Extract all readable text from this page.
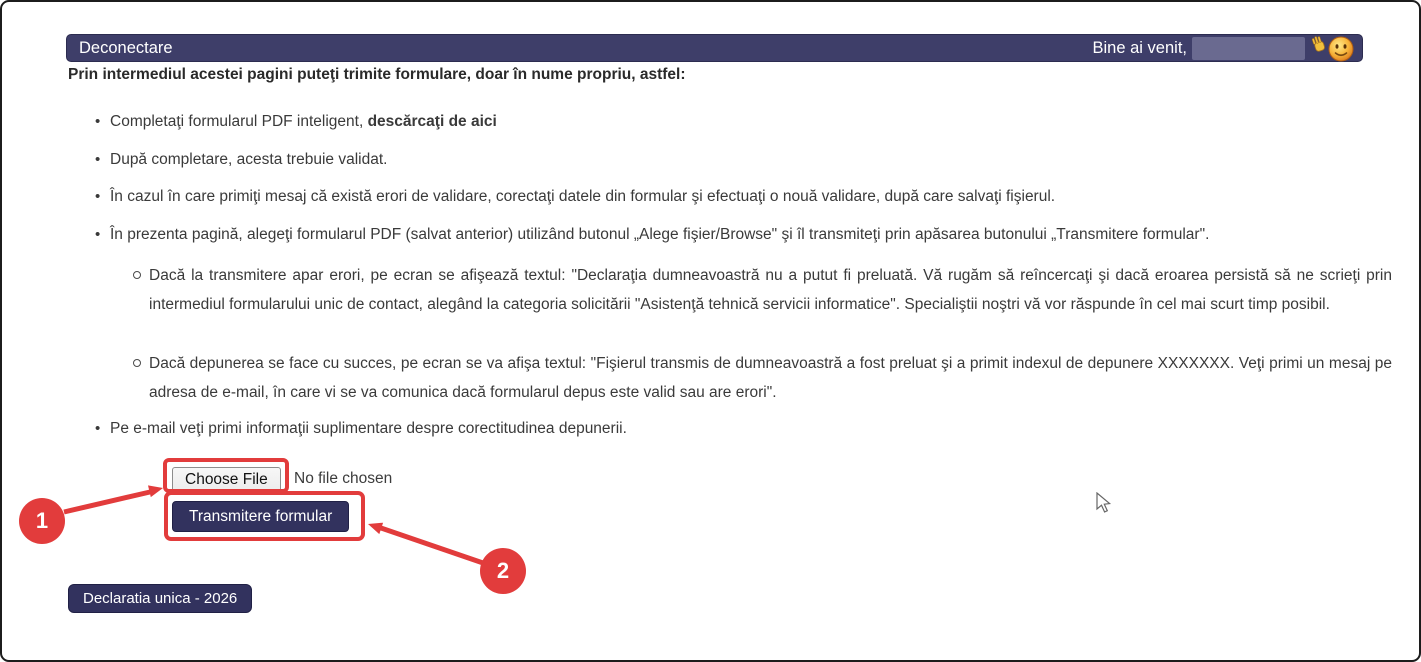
Deconectare	Bine ai venit,
Prin intermediul acestei pagini puteţi trimite formulare, doar în nume propriu, astfel:
• Completaţi formularul PDF inteligent, descărcaţi de aici
• După completare, acesta trebuie validat.
• În cazul în care primiţi mesaj că există erori de validare, corectaţi datele din formular şi efectuaţi o nouă validare, după care salvaţi fişierul.
• În prezenta pagină, alegeţi formularul PDF (salvat anterior) utilizând butonul „Alege fişier/Browse" şi îl transmiteţi prin apăsarea butonului „Transmitere formular".
Dacă la transmitere apar erori, pe ecran se afişează textul: "Declaraţia dumneavoastră nu a putut fi preluată. Vă rugăm să reîncercaţi şi dacă eroarea persistă să ne scrieţi prin intermediul formularului unic de contact, alegând la categoria solicitării "Asistenţă tehnică servicii informatice". Specialiştii noştri vă vor răspunde în cel mai scurt timp posibil.
Dacă depunerea se face cu succes, pe ecran se va afişa textul: "Fişierul transmis de dumneavoastră a fost preluat şi a primit indexul de depunere XXXXXXX. Veţi primi un mesaj pe adresa de e-mail, în care vi se va comunica dacă formularul depus este valid sau are erori".
• Pe e-mail veţi primi informaţii suplimentare despre corectitudinea depunerii.
Choose File	No file chosen
Transmitere formular
Declaratia unica - 2026
1
2
